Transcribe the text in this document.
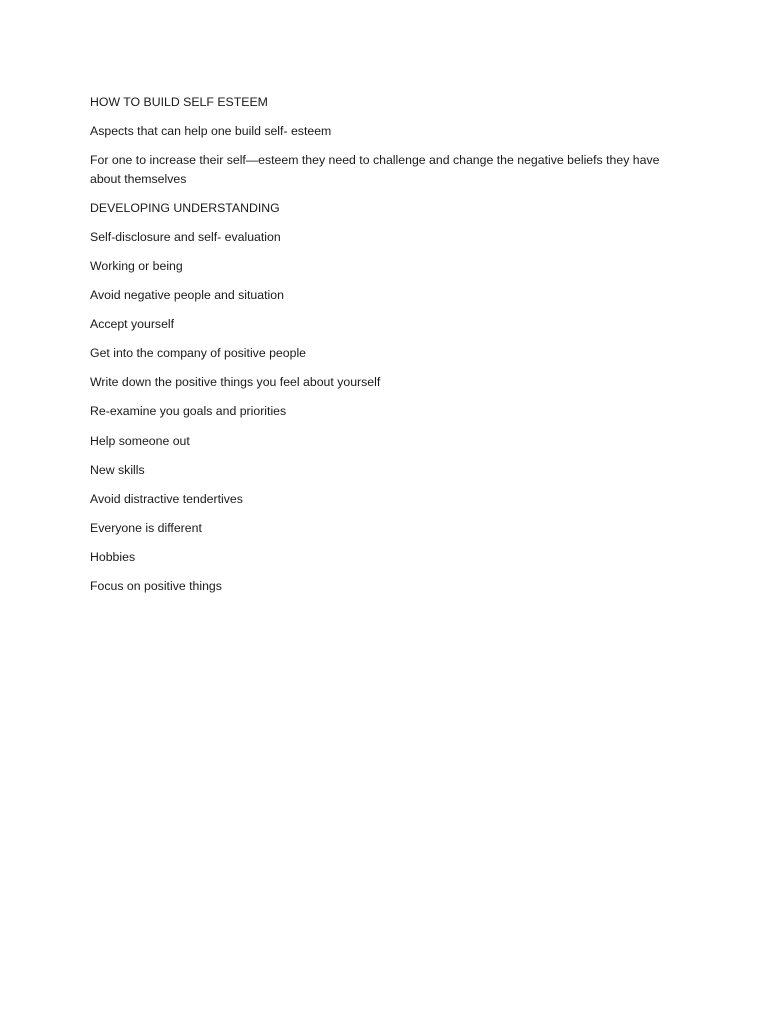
HOW TO BUILD SELF ESTEEM

Aspects that can help one build self- esteem

For one to increase their self—esteem they need to challenge and change the negative beliefs they have about themselves

DEVELOPING UNDERSTANDING

Self-disclosure and self- evaluation

Working or being

Avoid negative people and situation

Accept yourself

Get into the company of positive people

Write down the positive things you feel about yourself

Re-examine you goals and priorities

Help someone out

New skills

Avoid distractive tendertives

Everyone is different

Hobbies

Focus on positive things
